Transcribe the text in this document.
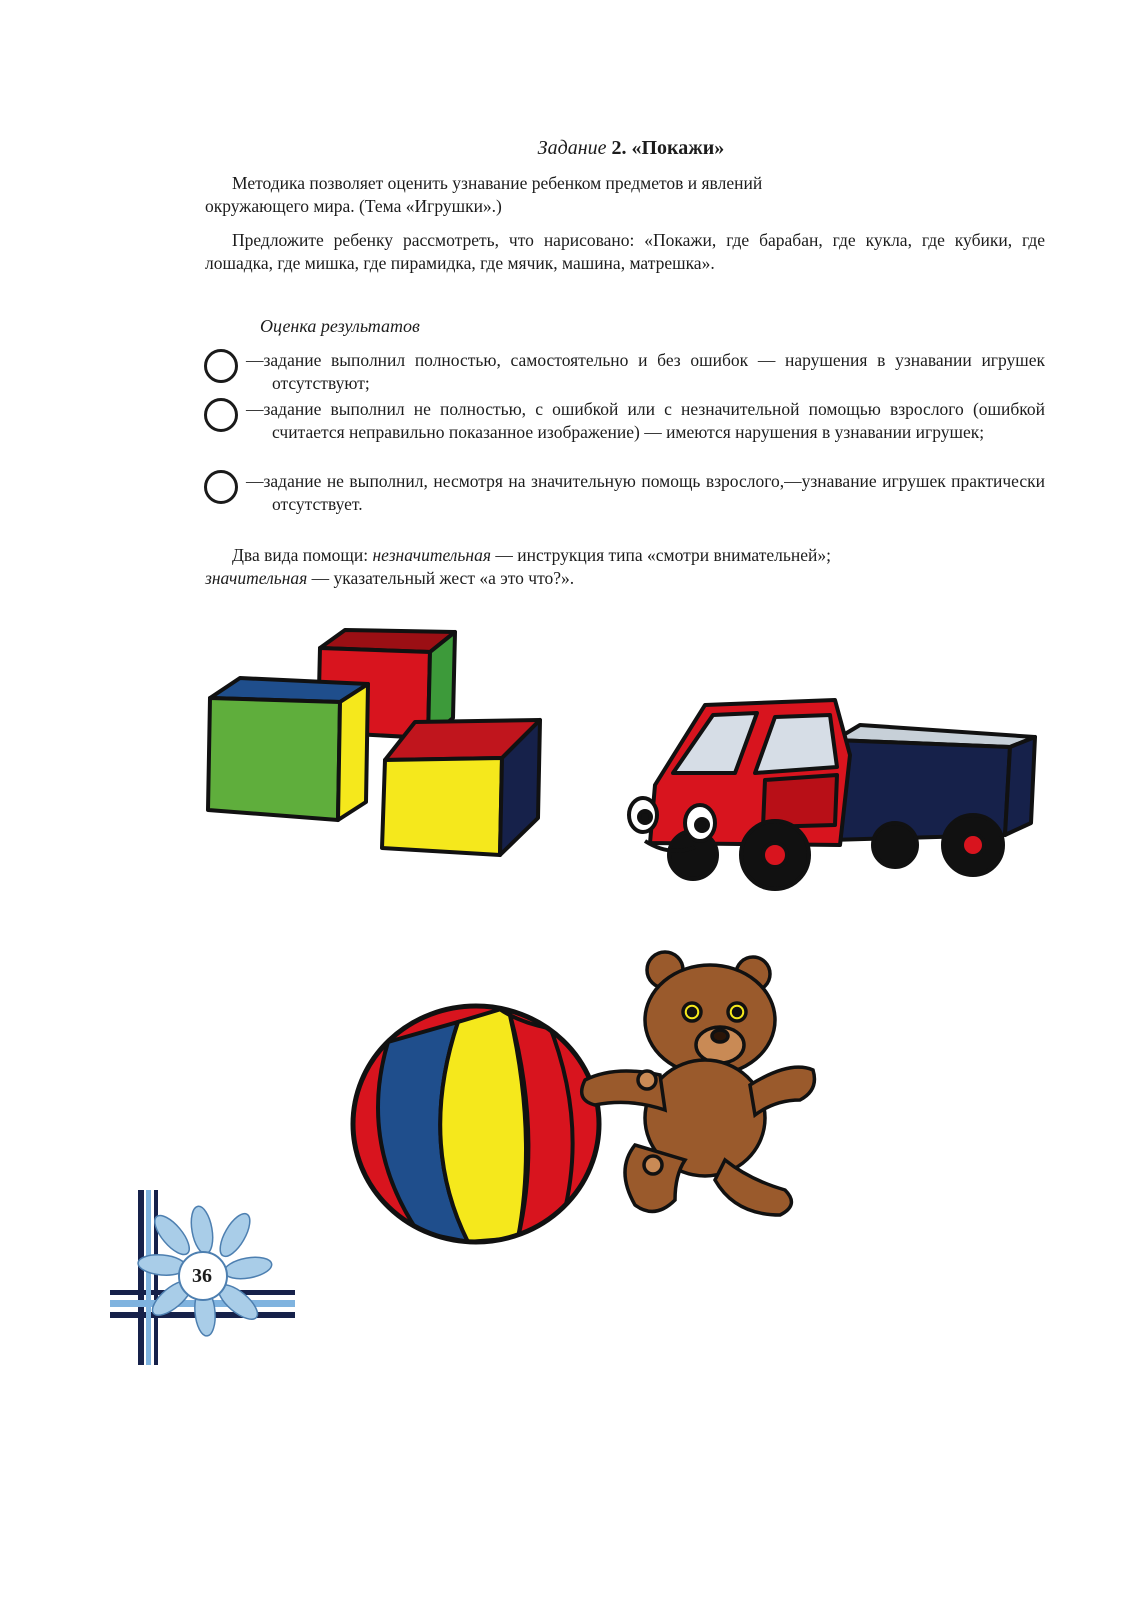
Задание 2. «Покажи»
Методика позволяет оценить узнавание ребенком предметов и явлений
окружающего мира. (Тема «Игрушки».)
Предложите ребенку рассмотреть, что нарисовано: «Покажи, где барабан, где кукла, где кубики, где лошадка, где мишка, где пирамидка, где мячик, машина, матрешка».
Оценка результатов
—задание выполнил полностью, самостоятельно и без ошибок — нарушения в узнавании игрушек отсутствуют;
—задание выполнил не полностью, с ошибкой или с незначительной помощью взрослого (ошибкой считается неправильно показанное изображение) — имеются нарушения в узнавании игрушек;
—задание не выполнил, несмотря на значительную помощь взрослого,—узнавание игрушек практически отсутствует.
Два вида помощи: незначительная — инструкция типа «смотри внимательней»;
значительная — указательный жест «а это что?».
36
